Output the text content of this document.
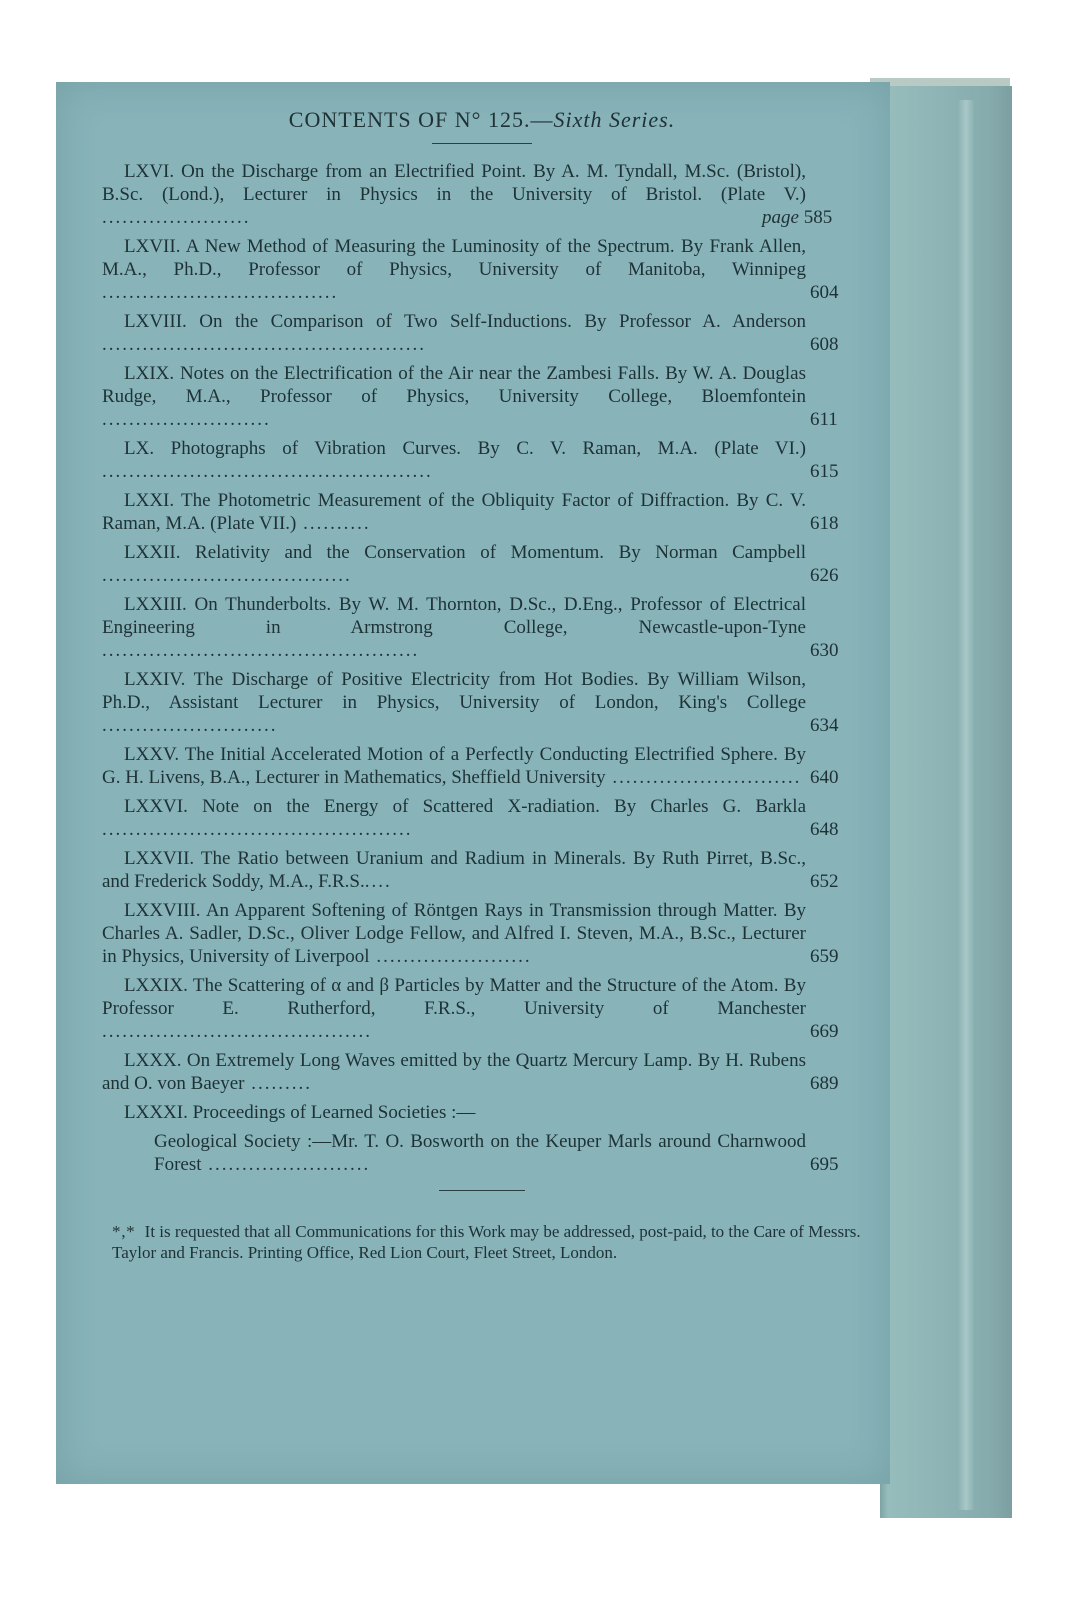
CONTENTS OF N° 125.—Sixth Series.
LXVI. On the Discharge from an Electrified Point. By A. M. Tyndall, M.Sc. (Bristol), B.Sc. (Lond.), Lecturer in Physics in the University of Bristol. (Plate V.) ......................	page 585
LXVII. A New Method of Measuring the Luminosity of the Spectrum. By Frank Allen, M.A., Ph.D., Professor of Physics, University of Manitoba, Winnipeg ...................................	604
LXVIII. On the Comparison of Two Self-Inductions. By Professor A. Anderson ................................................	608
LXIX. Notes on the Electrification of the Air near the Zambesi Falls. By W. A. Douglas Rudge, M.A., Professor of Physics, University College, Bloemfontein .........................	611
LX. Photographs of Vibration Curves. By C. V. Raman, M.A. (Plate VI.) .................................................	615
LXXI. The Photometric Measurement of the Obliquity Factor of Diffraction. By C. V. Raman, M.A. (Plate VII.) ..........	618
LXXII. Relativity and the Conservation of Momentum. By Norman Campbell .....................................	626
LXXIII. On Thunderbolts. By W. M. Thornton, D.Sc., D.Eng., Professor of Electrical Engineering in Armstrong College, Newcastle-upon-Tyne ...............................................	630
LXXIV. The Discharge of Positive Electricity from Hot Bodies. By William Wilson, Ph.D., Assistant Lecturer in Physics, University of London, King's College ..........................	634
LXXV. The Initial Accelerated Motion of a Perfectly Conducting Electrified Sphere. By G. H. Livens, B.A., Lecturer in Mathematics, Sheffield University ............................ 640
LXXVI. Note on the Energy of Scattered X-radiation. By Charles G. Barkla ..............................................	648
LXXVII. The Ratio between Uranium and Radium in Minerals. By Ruth Pirret, B.Sc., and Frederick Soddy, M.A., F.R.S.....	652
LXXVIII. An Apparent Softening of Röntgen Rays in Transmission through Matter. By Charles A. Sadler, D.Sc., Oliver Lodge Fellow, and Alfred I. Steven, M.A., B.Sc., Lecturer in Physics, University of Liverpool .......................	659
LXXIX. The Scattering of α and β Particles by Matter and the Structure of the Atom. By Professor E. Rutherford, F.R.S., University of Manchester ........................................	669
LXXX. On Extremely Long Waves emitted by the Quartz Mercury Lamp. By H. Rubens and O. von Baeyer .........	689
LXXXI. Proceedings of Learned Societies :—
Geological Society :—Mr. T. O. Bosworth on the Keuper Marls around Charnwood Forest ........................	695
*‚* It is requested that all Communications for this Work may be addressed, post-paid, to the Care of Messrs. Taylor and Francis. Printing Office, Red Lion Court, Fleet Street, London.
